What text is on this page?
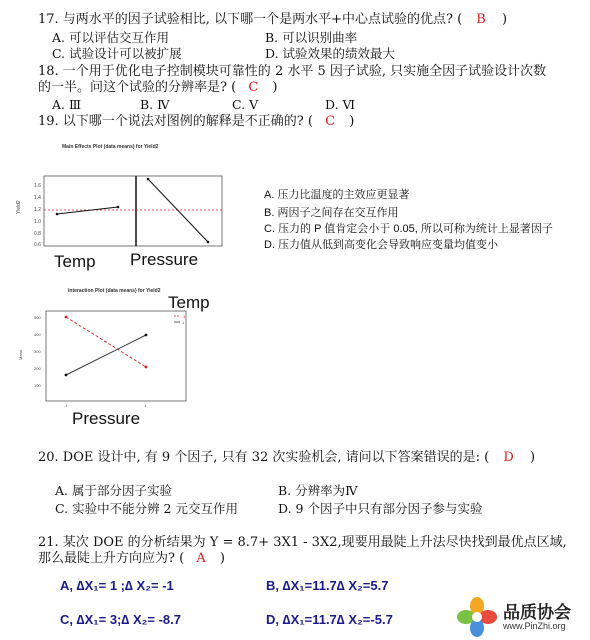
17. 与两水平的因子试验相比, 以下哪一个是两水平+中心点试验的优点? ( B )
A. 可以评估交互作用	B. 可以识别曲率
C. 试验设计可以被扩展	D. 试验效果的绩效最大
18. 一个用于优化电子控制模块可靠性的 2 水平 5 因子试验, 只实施全因子试验设计次数
的一半。问这个试验的分辨率是? ( C )
A. Ⅲ	B. Ⅳ	C. Ⅴ	D. Ⅵ
19. 以下哪一个说法对图例的解释是不正确的? ( C )
Main Effects Plot (data means) for Yield2
1.6
1.4
1.2
1.0
0.8
0.6
Yield2
Temp Pressure
A. 压力比温度的主效应更显著
B. 两因子之间存在交互作用
C. 压力的 P 值肯定会小于 0.05, 所以可称为统计上显著因子
D. 压力值从低到高变化会导致响应变量均值变小
Interaction Plot (data means) for Yield2
Temp
500
400
300
200
100
Mean
-1	1
-1
1
Pressure
20. DOE 设计中, 有 9 个因子, 只有 32 次实验机会, 请问以下答案错误的是: ( D )
A. 属于部分因子实验	B. 分辨率为Ⅳ
C. 实验中不能分辨 2 元交互作用	D. 9 个因子中只有部分因子参与实验
21. 某次 DOE 的分析结果为 Y = 8.7+ 3X1 - 3X2,现要用最陡上升法尽快找到最优点区域,
那么最陡上升方向应为? ( A )
A, ∆X₁= 1 ;∆ X₂= -1	B, ∆X₁=11.7∆ X₂=5.7
C, ∆X₁= 3;∆ X₂= -8.7	D, ∆X₁=11.7∆ X₂=-5.7	品质协会
www.PinZhi.org
